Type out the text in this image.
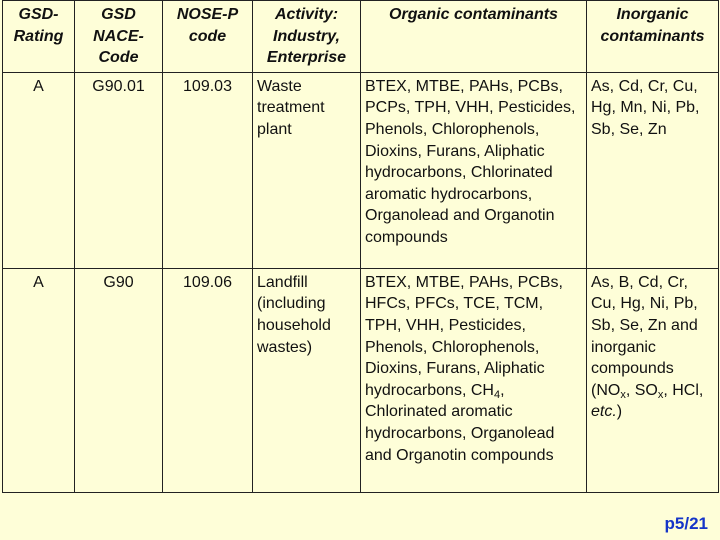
GSD-Rating	GSD NACE-Code	NOSE-P code	Activity: Industry, Enterprise	Organic contaminants	Inorganic contaminants
A	G90.01	109.03	Waste treatment plant	BTEX, MTBE, PAHs, PCBs, PCPs, TPH, VHH, Pesticides, Phenols, Chlorophenols, Dioxins, Furans, Aliphatic hydrocarbons, Chlorinated aromatic hydrocarbons, Organolead and Organotin compounds	As, Cd, Cr, Cu, Hg, Mn, Ni, Pb, Sb, Se, Zn
A	G90	109.06	Landfill (including household wastes)	BTEX, MTBE, PAHs, PCBs, HFCs, PFCs, TCE, TCM, TPH, VHH, Pesticides, Phenols, Chlorophenols, Dioxins, Furans, Aliphatic hydrocarbons, $CH_4$, Chlorinated aromatic hydrocarbons, Organolead and Organotin compounds	As, B, Cd, Cr, Cu, Hg, Ni, Pb, Sb, Se, Zn and inorganic compounds ($NO_x$, $SO_x$, HCl, etc.)
p5/21
